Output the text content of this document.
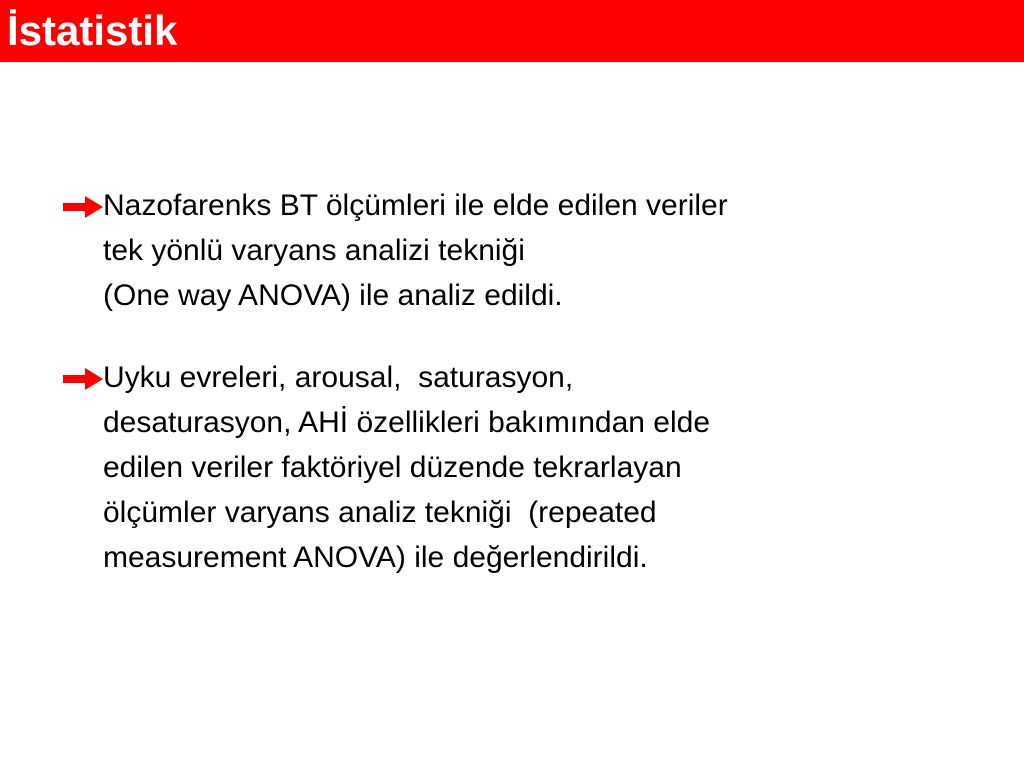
İstatistik
Nazofarenks BT ölçümleri ile elde edilen veriler
tek yönlü varyans analizi tekniği
(One way ANOVA) ile analiz edildi.
Uyku evreleri, arousal,  saturasyon,
desaturasyon, AHİ özellikleri bakımından elde
edilen veriler faktöriyel düzende tekrarlayan
ölçümler varyans analiz tekniği  (repeated
measurement ANOVA) ile değerlendirildi.
